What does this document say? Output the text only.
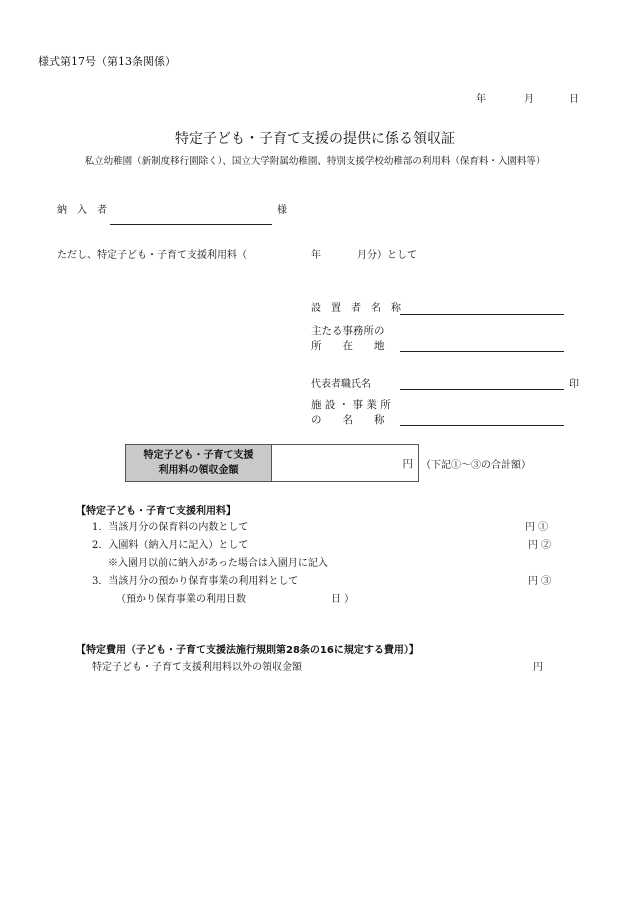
様式第17号（第13条関係）
年	月	日
特定子ども・子育て支援の提供に係る領収証
私立幼稚園（新制度移行園除く）、国立大学附属幼稚園、特別支援学校幼稚部の利用料（保育料・入園料等）
納　入　者	様
ただし、特定子ども・子育て支援利用料（	年	月分）として
設　置　者　名　称
主たる事務所の
所　　在　　地
代表者職氏名	印
施 設 ・ 事 業 所
の　　名　　称
特定子ども・子育て支援
利用料の領収金額
円 （下記①～③の合計額）
【特定子ども・子育て支援利用料】
1．当該月分の保育料の内数として	円 ①
2．入園料（納入月に記入）として	円 ②
※入園月以前に納入があった場合は入園月に記入
3．当該月分の預かり保育事業の利用料として	円 ③
（預かり保育事業の利用日数	日 ）
【特定費用（子ども・子育て支援法施行規則第28条の16に規定する費用）】
特定子ども・子育て支援利用料以外の領収金額	円
